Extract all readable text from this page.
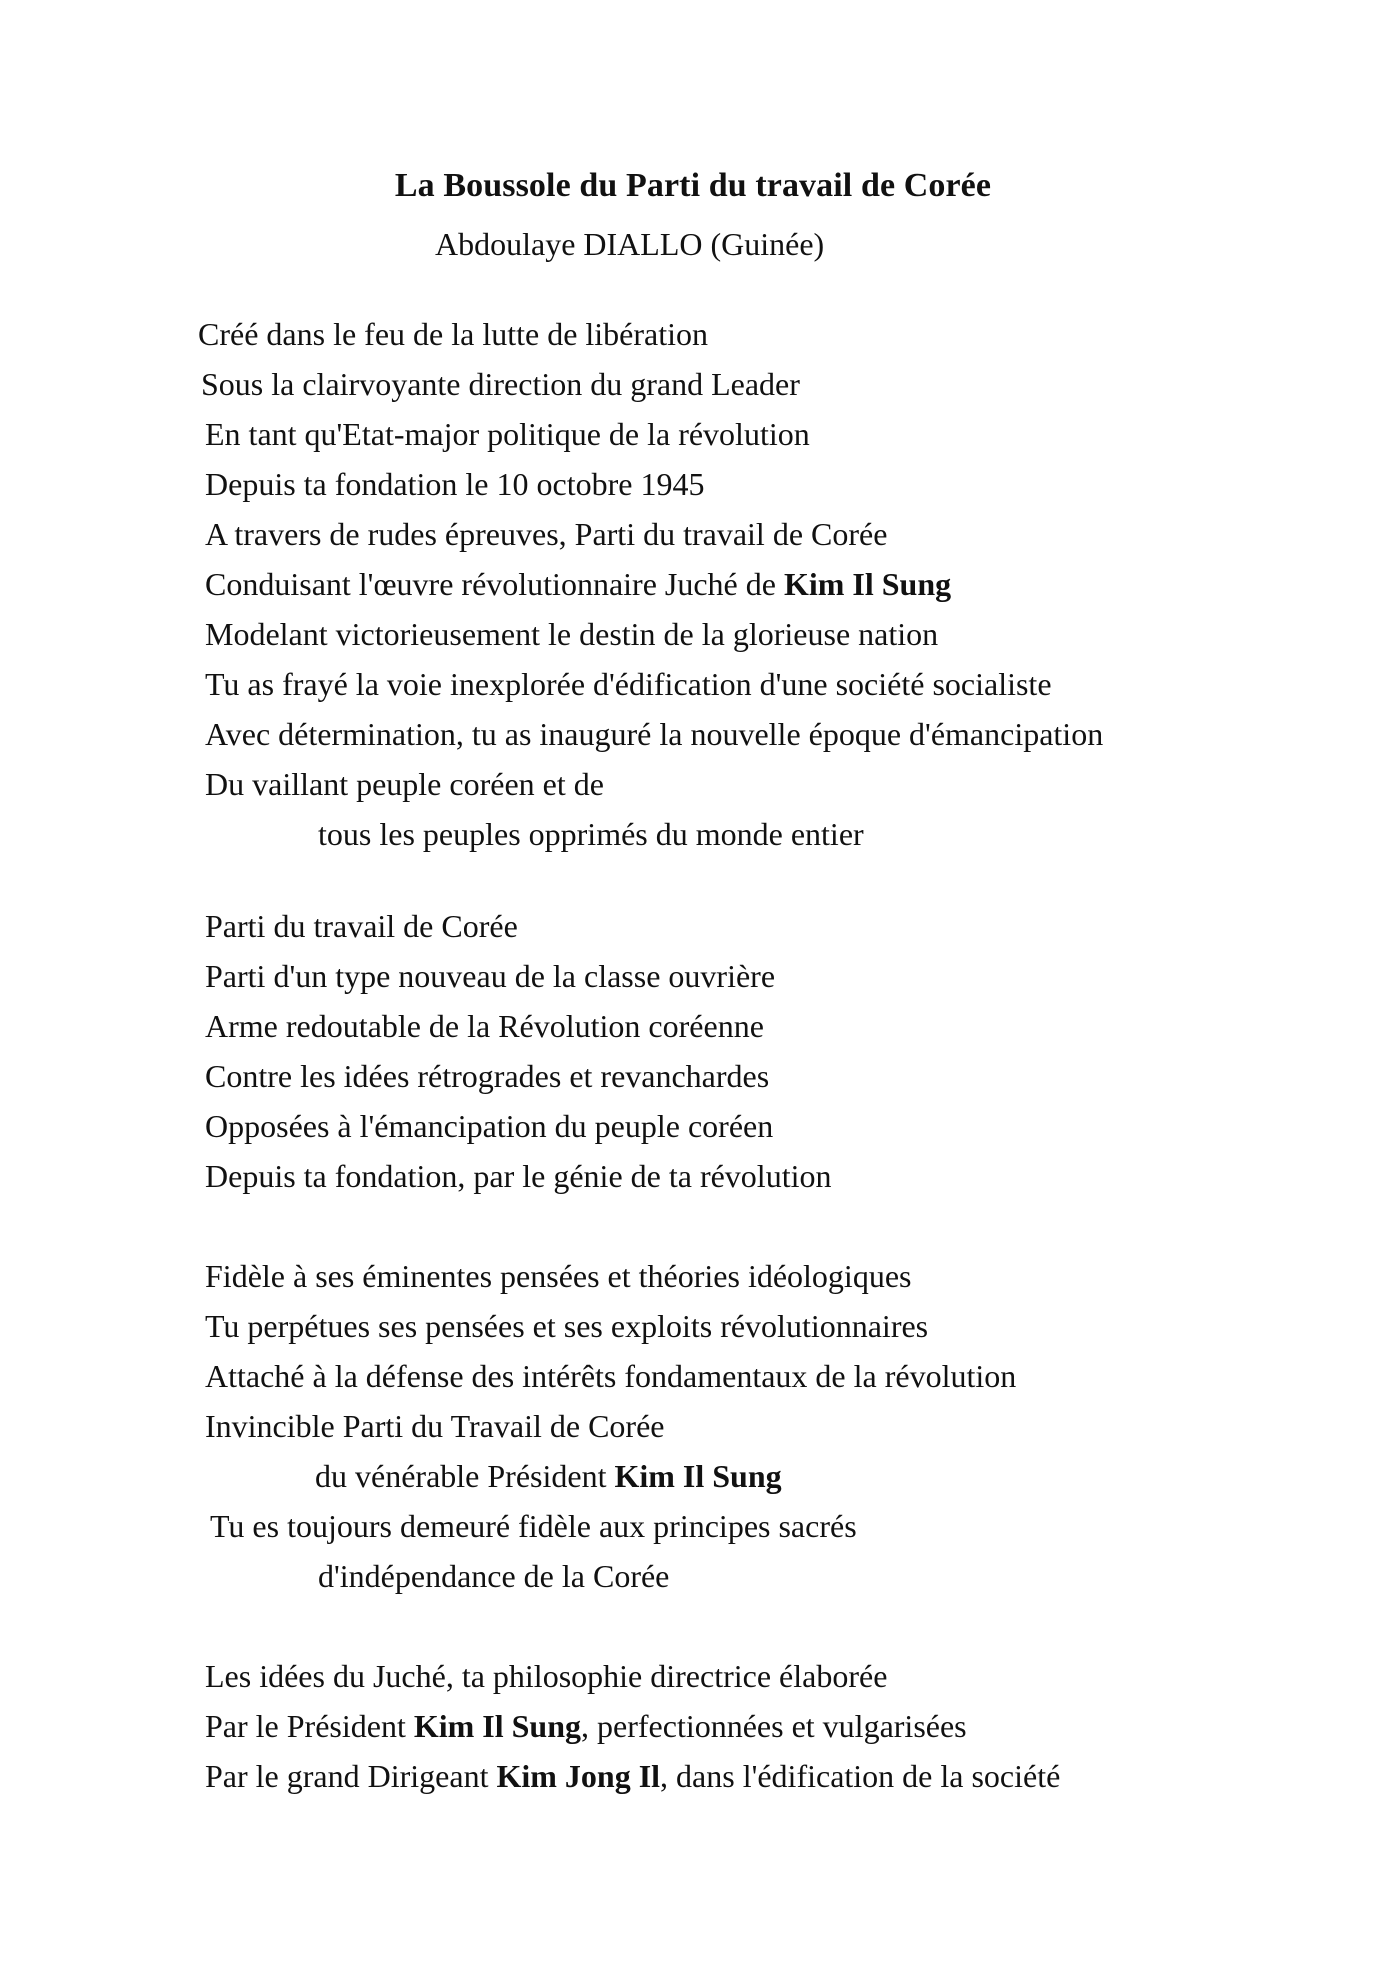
La Boussole du Parti du travail de Corée
Abdoulaye DIALLO (Guinée)
Créé dans le feu de la lutte de libération
Sous la clairvoyante direction du grand Leader
En tant qu'Etat-major politique de la révolution
Depuis ta fondation le 10 octobre 1945
A travers de rudes épreuves, Parti du travail de Corée
Conduisant l'œuvre révolutionnaire Juché de Kim Il Sung
Modelant victorieusement le destin de la glorieuse nation
Tu as frayé la voie inexplorée d'édification d'une société socialiste
Avec détermination, tu as inauguré la nouvelle époque d'émancipation
Du vaillant peuple coréen et de
tous les peuples opprimés du monde entier
Parti du travail de Corée
Parti d'un type nouveau de la classe ouvrière
Arme redoutable de la Révolution coréenne
Contre les idées rétrogrades et revanchardes
Opposées à l'émancipation du peuple coréen
Depuis ta fondation, par le génie de ta révolution
Fidèle à ses éminentes pensées et théories idéologiques
Tu perpétues ses pensées et ses exploits révolutionnaires
Attaché à la défense des intérêts fondamentaux de la révolution
Invincible Parti du Travail de Corée
du vénérable Président Kim Il Sung
Tu es toujours demeuré fidèle aux principes sacrés
d'indépendance de la Corée
Les idées du Juché, ta philosophie directrice élaborée
Par le Président Kim Il Sung, perfectionnées et vulgarisées
Par le grand Dirigeant Kim Jong Il, dans l'édification de la société
